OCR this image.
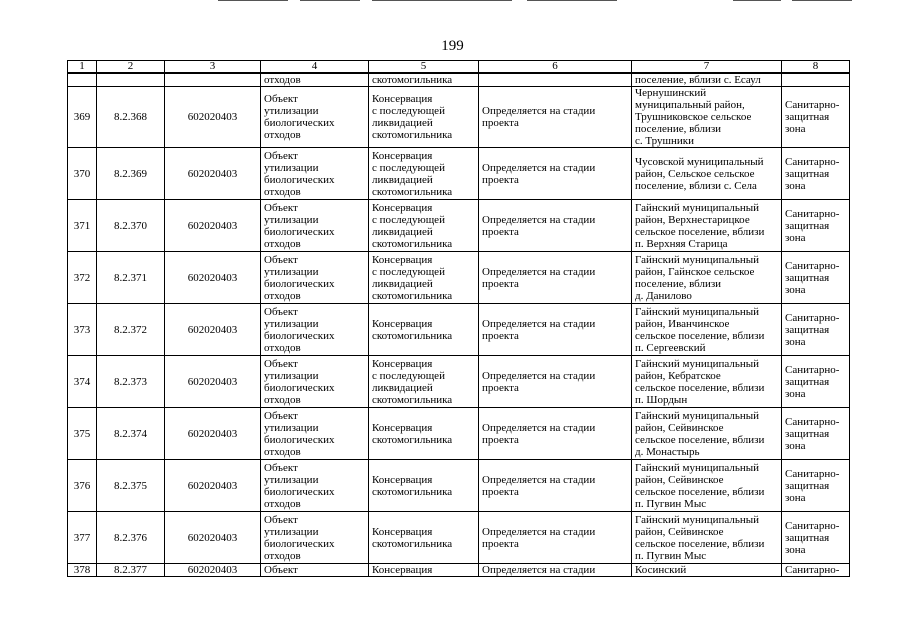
199
1	2	3	4	5	6	7	8
			отходов	скотомогильника		поселение, вблизи с. Есаул	
369	8.2.368	602020403	Объект
утилизации
биологических
отходов	Консервация
с последующей
ликвидацией
скотомогильника	Определяется на стадии
проекта	Чернушинский
муниципальный район,
Трушниковское сельское
поселение, вблизи
с. Трушники	Санитарно-
защитная зона
370	8.2.369	602020403	Объект
утилизации
биологических
отходов	Консервация
с последующей
ликвидацией
скотомогильника	Определяется на стадии
проекта	Чусовской муниципальный
район, Сельское сельское
поселение, вблизи с. Села	Санитарно-
защитная зона
371	8.2.370	602020403	Объект
утилизации
биологических
отходов	Консервация
с последующей
ликвидацией
скотомогильника	Определяется на стадии
проекта	Гайнский муниципальный
район, Верхнестарицкое
сельское поселение, вблизи
п. Верхняя Старица	Санитарно-
защитная зона
372	8.2.371	602020403	Объект
утилизации
биологических
отходов	Консервация
с последующей
ликвидацией
скотомогильника	Определяется на стадии
проекта	Гайнский муниципальный
район, Гайнское сельское
поселение, вблизи
д. Данилово	Санитарно-
защитная зона
373	8.2.372	602020403	Объект
утилизации
биологических
отходов	Консервация
скотомогильника	Определяется на стадии
проекта	Гайнский муниципальный
район, Иванчинское
сельское поселение, вблизи
п. Сергеевский	Санитарно-
защитная зона
374	8.2.373	602020403	Объект
утилизации
биологических
отходов	Консервация
с последующей
ликвидацией
скотомогильника	Определяется на стадии
проекта	Гайнский муниципальный
район, Кебратское
сельское поселение, вблизи
п. Шордын	Санитарно-
защитная зона
375	8.2.374	602020403	Объект
утилизации
биологических
отходов	Консервация
скотомогильника	Определяется на стадии
проекта	Гайнский муниципальный
район, Сейвинское
сельское поселение, вблизи
д. Монастырь	Санитарно-
защитная зона
376	8.2.375	602020403	Объект
утилизации
биологических
отходов	Консервация
скотомогильника	Определяется на стадии
проекта	Гайнский муниципальный
район, Сейвинское
сельское поселение, вблизи
п. Пугвин Мыс	Санитарно-
защитная зона
377	8.2.376	602020403	Объект
утилизации
биологических
отходов	Консервация
скотомогильника	Определяется на стадии
проекта	Гайнский муниципальный
район, Сейвинское
сельское поселение, вблизи
п. Пугвин Мыс	Санитарно-
защитная зона
378	8.2.377	602020403	Объект	Консервация	Определяется на стадии	Косинский	Санитарно-
